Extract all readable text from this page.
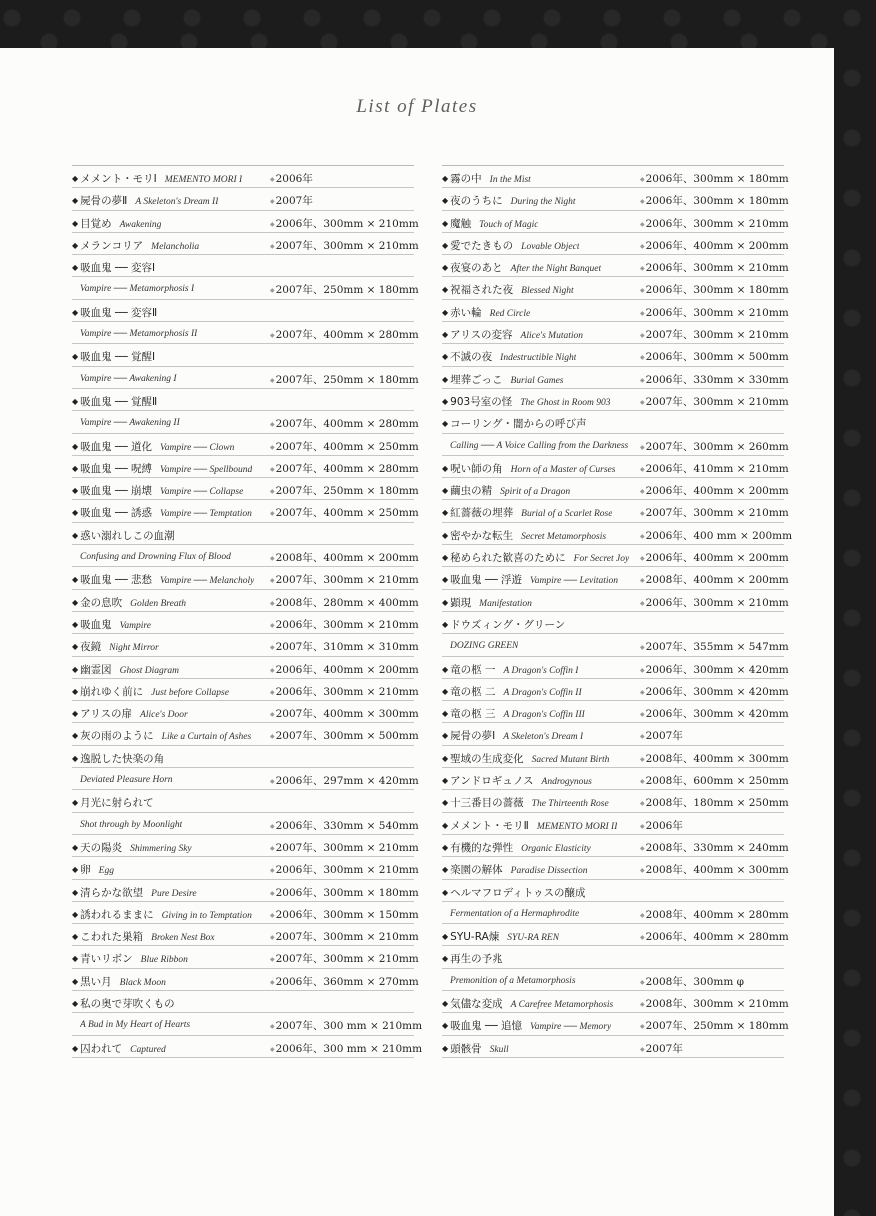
List of Plates
◆ メメント・モリⅠ MEMENTO MORI I	◆ 2006年
◆ 屍骨の夢Ⅱ A Skeleton's Dream II	◆ 2007年
◆ 目覚め Awakening	◆ 2006年、300mm × 210mm
◆ メランコリア Melancholia	◆ 2007年、300mm × 210mm
◆ 吸血鬼 ── 変容Ⅰ
Vampire ── Metamorphosis I	◆ 2007年、250mm × 180mm
◆ 吸血鬼 ── 変容Ⅱ
Vampire ── Metamorphosis II	◆ 2007年、400mm × 280mm
◆ 吸血鬼 ── 覚醒Ⅰ
Vampire ── Awakening I	◆ 2007年、250mm × 180mm
◆ 吸血鬼 ── 覚醒Ⅱ
Vampire ── Awakening II	◆ 2007年、400mm × 280mm
◆ 吸血鬼 ── 道化 Vampire ── Clown	◆ 2007年、400mm × 250mm
◆ 吸血鬼 ── 呪縛 Vampire ── Spellbound	◆ 2007年、400mm × 280mm
◆ 吸血鬼 ── 崩壊 Vampire ── Collapse	◆ 2007年、250mm × 180mm
◆ 吸血鬼 ── 誘惑 Vampire ── Temptation	◆ 2007年、400mm × 250mm
◆ 惑い溺れしこの血潮
Confusing and Drowning Flux of Blood	◆ 2008年、400mm × 200mm
◆ 吸血鬼 ── 悲愁 Vampire ── Melancholy	◆ 2007年、300mm × 210mm
◆ 金の息吹 Golden Breath	◆ 2008年、280mm × 400mm
◆ 吸血鬼 Vampire	◆ 2006年、300mm × 210mm
◆ 夜鏡 Night Mirror	◆ 2007年、310mm × 310mm
◆ 幽霊図 Ghost Diagram	◆ 2006年、400mm × 200mm
◆ 崩れゆく前に Just before Collapse	◆ 2006年、300mm × 210mm
◆ アリスの扉 Alice's Door	◆ 2007年、400mm × 300mm
◆ 灰の雨のように Like a Curtain of Ashes	◆ 2007年、300mm × 500mm
◆ 逸脱した快楽の角
Deviated Pleasure Horn	◆ 2006年、297mm × 420mm
◆ 月光に射られて
Shot through by Moonlight	◆ 2006年、330mm × 540mm
◆ 天の陽炎 Shimmering Sky	◆ 2007年、300mm × 210mm
◆ 卵 Egg	◆ 2006年、300mm × 210mm
◆ 清らかな欲望 Pure Desire	◆ 2006年、300mm × 180mm
◆ 誘われるままに Giving in to Temptation	◆ 2006年、300mm × 150mm
◆ こわれた巣箱 Broken Nest Box	◆ 2007年、300mm × 210mm
◆ 青いリボン Blue Ribbon	◆ 2007年、300mm × 210mm
◆ 黒い月 Black Moon	◆ 2006年、360mm × 270mm
◆ 私の奥で芽吹くもの
A Bud in My Heart of Hearts	◆ 2007年、300 mm × 210mm
◆ 囚われて Captured	◆ 2006年、300 mm × 210mm
◆ 霧の中 In the Mist	◆ 2006年、300mm × 180mm
◆ 夜のうちに During the Night	◆ 2006年、300mm × 180mm
◆ 魔触 Touch of Magic	◆ 2006年、300mm × 210mm
◆ 愛でたきもの Lovable Object	◆ 2006年、400mm × 200mm
◆ 夜宴のあと After the Night Banquet	◆ 2006年、300mm × 210mm
◆ 祝福された夜 Blessed Night	◆ 2006年、300mm × 180mm
◆ 赤い輪 Red Circle	◆ 2006年、300mm × 210mm
◆ アリスの変容 Alice's Mutation	◆ 2007年、300mm × 210mm
◆ 不滅の夜 Indestructible Night	◆ 2006年、300mm × 500mm
◆ 埋葬ごっこ Burial Games	◆ 2006年、330mm × 330mm
◆ 903号室の怪 The Ghost in Room 903	◆ 2007年、300mm × 210mm
◆ コーリング・闇からの呼び声
Calling ── A Voice Calling from the Darkness	◆ 2007年、300mm × 260mm
◆ 呪い師の角 Horn of a Master of Curses	◆ 2006年、410mm × 210mm
◆ 繭虫の精 Spirit of a Dragon	◆ 2006年、400mm × 200mm
◆ 紅薔薇の埋葬 Burial of a Scarlet Rose	◆ 2007年、300mm × 210mm
◆ 密やかな転生 Secret Metamorphosis	◆ 2006年、400 mm × 200mm
◆ 秘められた歓喜のために For Secret Joy	◆ 2006年、400mm × 200mm
◆ 吸血鬼 ── 浮遊 Vampire ── Levitation	◆ 2008年、400mm × 200mm
◆ 顕現 Manifestation	◆ 2006年、300mm × 210mm
◆ ドウズィング・グリーン
DOZING GREEN	◆ 2007年、355mm × 547mm
◆ 竜の柩 一 A Dragon's Coffin I	◆ 2006年、300mm × 420mm
◆ 竜の柩 二 A Dragon's Coffin II	◆ 2006年、300mm × 420mm
◆ 竜の柩 三 A Dragon's Coffin III	◆ 2006年、300mm × 420mm
◆ 屍骨の夢Ⅰ A Skeleton's Dream I	◆ 2007年
◆ 聖域の生成変化 Sacred Mutant Birth	◆ 2008年、400mm × 300mm
◆ アンドロギュノス Androgynous	◆ 2008年、600mm × 250mm
◆ 十三番目の薔薇 The Thirteenth Rose	◆ 2008年、180mm × 250mm
◆ メメント・モリⅡ MEMENTO MORI II	◆ 2006年
◆ 有機的な弾性 Organic Elasticity	◆ 2008年、330mm × 240mm
◆ 楽園の解体 Paradise Dissection	◆ 2008年、400mm × 300mm
◆ ヘルマフロディトゥスの醸成
Fermentation of a Hermaphrodite	◆ 2008年、400mm × 280mm
◆ SYU-RA煉 SYU-RA REN	◆ 2006年、400mm × 280mm
◆ 再生の予兆
Premonition of a Metamorphosis	◆ 2008年、300mm φ
◆ 気儘な変成 A Carefree Metamorphosis	◆ 2008年、300mm × 210mm
◆ 吸血鬼 ── 追憶 Vampire ── Memory	◆ 2007年、250mm × 180mm
◆ 頭骸骨 Skull	◆ 2007年
